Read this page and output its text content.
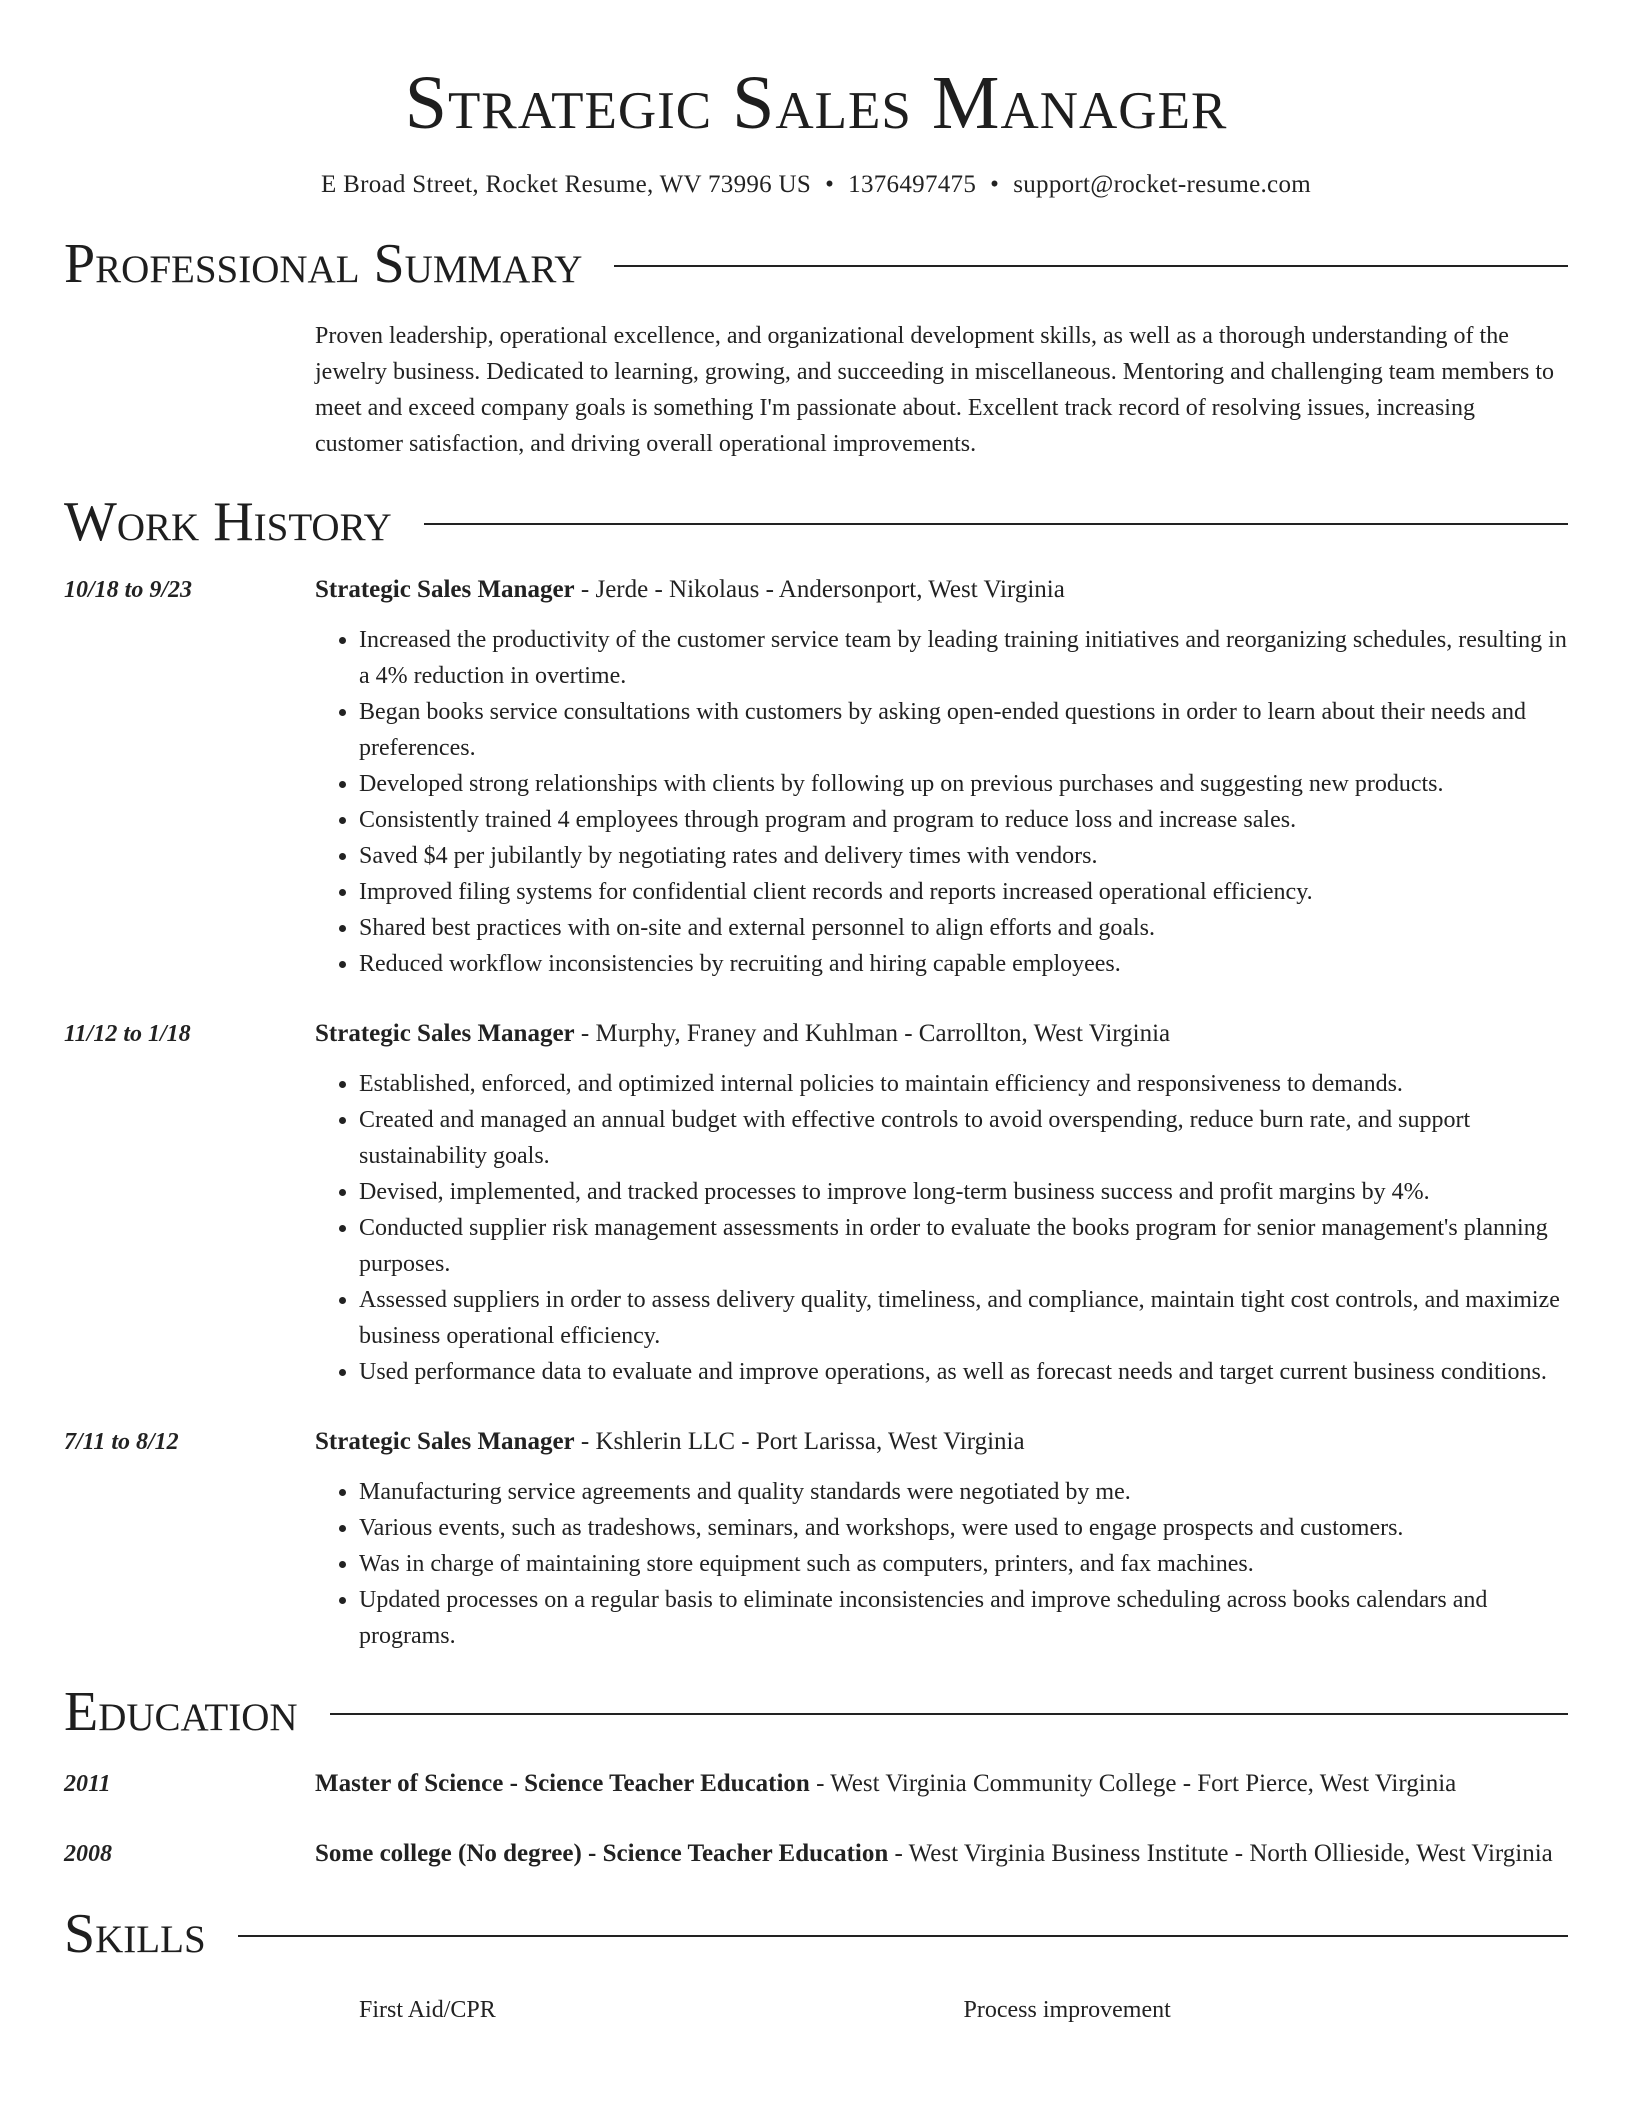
Strategic Sales Manager
E Broad Street, Rocket Resume, WV 73996 US • 1376497475 • support@rocket-resume.com
Professional Summary
Proven leadership, operational excellence, and organizational development skills, as well as a thorough understanding of the jewelry business. Dedicated to learning, growing, and succeeding in miscellaneous. Mentoring and challenging team members to meet and exceed company goals is something I'm passionate about. Excellent track record of resolving issues, increasing customer satisfaction, and driving overall operational improvements.
Work History
10/18 to 9/23	Strategic Sales Manager - Jerde - Nikolaus - Andersonport, West Virginia
• Increased the productivity of the customer service team by leading training initiatives and reorganizing schedules, resulting in a 4% reduction in overtime.
• Began books service consultations with customers by asking open-ended questions in order to learn about their needs and preferences.
• Developed strong relationships with clients by following up on previous purchases and suggesting new products.
• Consistently trained 4 employees through program and program to reduce loss and increase sales.
• Saved $4 per jubilantly by negotiating rates and delivery times with vendors.
• Improved filing systems for confidential client records and reports increased operational efficiency.
• Shared best practices with on-site and external personnel to align efforts and goals.
• Reduced workflow inconsistencies by recruiting and hiring capable employees.
11/12 to 1/18	Strategic Sales Manager - Murphy, Franey and Kuhlman - Carrollton, West Virginia
• Established, enforced, and optimized internal policies to maintain efficiency and responsiveness to demands.
• Created and managed an annual budget with effective controls to avoid overspending, reduce burn rate, and support sustainability goals.
• Devised, implemented, and tracked processes to improve long-term business success and profit margins by 4%.
• Conducted supplier risk management assessments in order to evaluate the books program for senior management's planning purposes.
• Assessed suppliers in order to assess delivery quality, timeliness, and compliance, maintain tight cost controls, and maximize business operational efficiency.
• Used performance data to evaluate and improve operations, as well as forecast needs and target current business conditions.
7/11 to 8/12	Strategic Sales Manager - Kshlerin LLC - Port Larissa, West Virginia
• Manufacturing service agreements and quality standards were negotiated by me.
• Various events, such as tradeshows, seminars, and workshops, were used to engage prospects and customers.
• Was in charge of maintaining store equipment such as computers, printers, and fax machines.
• Updated processes on a regular basis to eliminate inconsistencies and improve scheduling across books calendars and programs.
Education
2011	Master of Science - Science Teacher Education - West Virginia Community College - Fort Pierce, West Virginia
2008	Some college (No degree) - Science Teacher Education - West Virginia Business Institute - North Ollieside, West Virginia
Skills
First Aid/CPR	Process improvement
